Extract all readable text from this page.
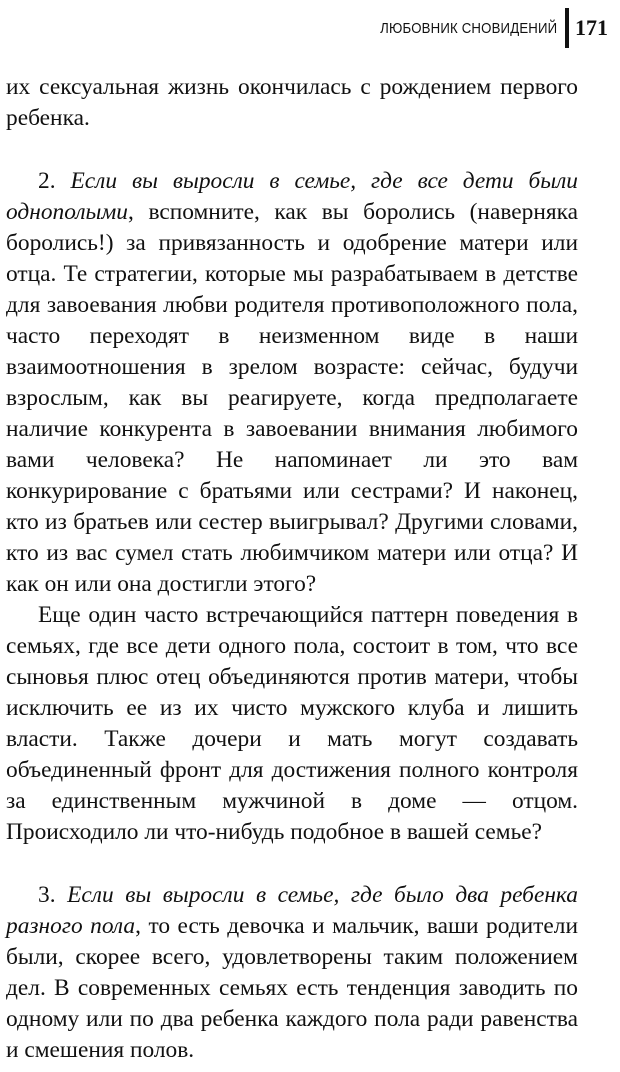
ЛЮБОВНИК СНОВИДЕНИЙ 171

их сексуальная жизнь окончилась с рождением первого ребенка.

2. Если вы выросли в семье, где все дети были однополыми, вспомните, как вы боролись (наверняка боролись!) за привязанность и одобрение матери или отца. Те стратегии, которые мы разрабатываем в детстве для завоевания любви родителя противоположного пола, часто переходят в неизменном виде в наши взаимоотношения в зрелом возрасте: сейчас, будучи взрослым, как вы реагируете, когда предполагаете наличие конкурента в завоевании внимания любимого вами человека? Не напоминает ли это вам конкурирование с братьями или сестрами? И наконец, кто из братьев или сестер выигрывал? Другими словами, кто из вас сумел стать любимчиком матери или отца? И как он или она достигли этого?

Еще один часто встречающийся паттерн поведения в семьях, где все дети одного пола, состоит в том, что все сыновья плюс отец объединяются против матери, чтобы исключить ее из их чисто мужского клуба и лишить власти. Также дочери и мать могут создавать объединенный фронт для достижения полного контроля за единственным мужчиной в доме — отцом. Происходило ли что-нибудь подобное в вашей семье?

3. Если вы выросли в семье, где было два ребенка разного пола, то есть девочка и мальчик, ваши родители были, скорее всего, удовлетворены таким положением дел. В современных семьях есть тенденция заводить по одному или по два ребенка каждого пола ради равенства и смешения полов.
